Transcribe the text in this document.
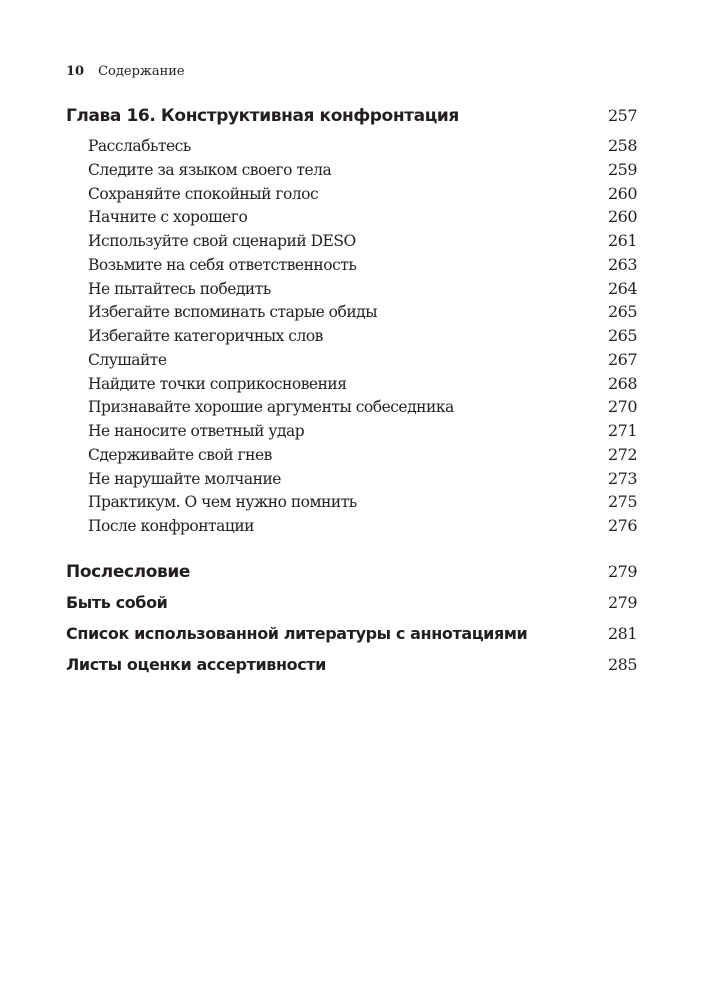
10 Содержание
Глава 16. Конструктивная конфронтация	257
Расслабьтесь	258
Следите за языком своего тела	259
Сохраняйте спокойный голос	260
Начните с хорошего	260
Используйте свой сценарий DESO	261
Возьмите на себя ответственность	263
Не пытайтесь победить	264
Избегайте вспоминать старые обиды	265
Избегайте категоричных слов	265
Слушайте	267
Найдите точки соприкосновения	268
Признавайте хорошие аргументы собеседника	270
Не наносите ответный удар	271
Сдерживайте свой гнев	272
Не нарушайте молчание	273
Практикум. О чем нужно помнить	275
После конфронтации	276
Послесловие	279
Быть собой	279
Список использованной литературы с аннотациями	281
Листы оценки ассертивности	285
